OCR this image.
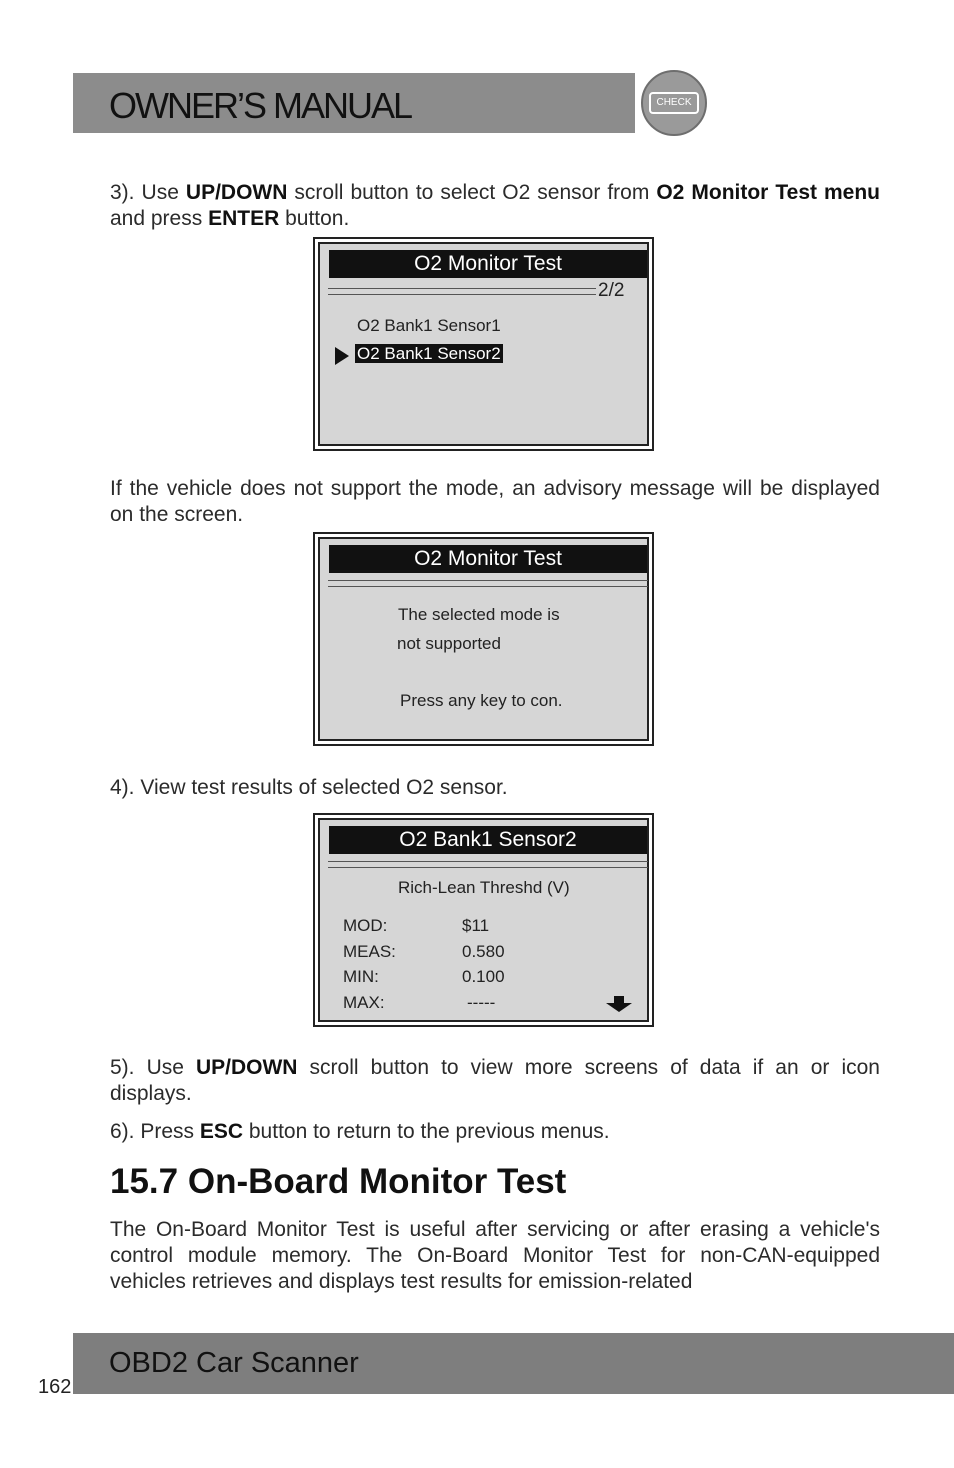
OWNER’S MANUAL	CHECK
3). Use UP/DOWN scroll button to select O2 sensor from O2 Monitor Test menu and press ENTER button.
O2 Monitor Test
2/2
O2 Bank1 Sensor1
O2 Bank1 Sensor2
If the vehicle does not support the mode, an advisory message will be displayed on the screen.
O2 Monitor Test
The selected mode is
not supported
Press any key to con.
4). View test results of selected O2 sensor.
O2 Bank1 Sensor2
Rich-Lean Threshd (V)
MOD:	$11
MEAS:	0.580
MIN:	0.100
MAX:	-----
5). Use UP/DOWN scroll button to view more screens of data if an or icon displays.
6). Press ESC button to return to the previous menus.
15.7 On-Board Monitor Test
The On-Board Monitor Test is useful after servicing or after erasing a vehicle's control module memory. The On-Board Monitor Test for non-CAN-equipped vehicles retrieves and displays test results for emission-related
OBD2 Car Scanner
162
